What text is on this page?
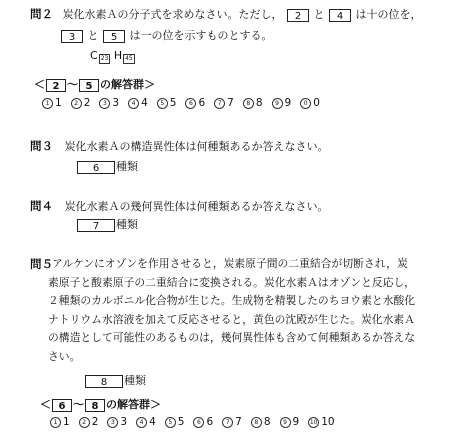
問２ 炭化水素Ａの分子式を求めなさい。ただし， 2 と 4 は十の位を，
3 と 5 は一の位を示すものとする。
C 23 H 45
＜ 2 ～ 5 の解答群＞
1 1 2 2 3 3 4 4 5 5 6 6 7 7 8 8 9 9 0 0
問３ 炭化水素Ａの構造異性体は何種類あるか答えなさい。
6 種類
問４ 炭化水素Ａの幾何異性体は何種類あるか答えなさい。
7 種類
問５ アルケンにオゾンを作用させると，炭素原子間の二重結合が切断され，炭
素原子と酸素原子の二重結合に変換される。炭化水素Ａはオゾンと反応し，
２種類のカルボニル化合物が生じた。生成物を精製したのちヨウ素と水酸化
ナトリウム水溶液を加えて反応させると，黄色の沈殿が生じた。炭化水素Ａ
の構造として可能性のあるものは，幾何異性体も含めて何種類あるか答えな
さい。
8 種類
＜ 6 ～ 8 の解答群＞
1 1 2 2 3 3 4 4 5 5 6 6 7 7 8 8 9 9 10 10
